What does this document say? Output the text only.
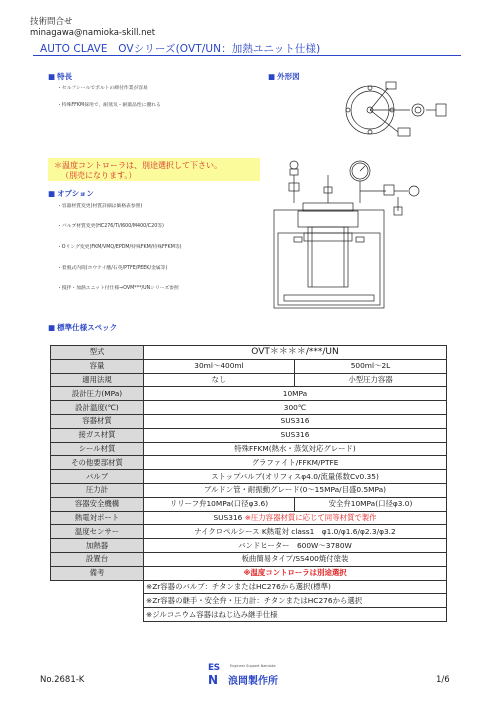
技術問合せ
minagawa@namioka-skill.net
AUTO CLAVE　OVシリーズ(OVT/UN：加熱ユニット仕様)
■ 特長
・セルフシールでボルトの締付作業が容易
・特殊FFKM採用で、耐蒸気・耐薬品性に優れる
■ 外形図
＊温度コントローラは、別途選択して下さい。
（別売になります。）
■ オプション
・容器材質変更(材質詳細は価格表参照)
・バルブ材質変更(HC276/Ti/I600/M400/C20等)
・Oリング変更(FKM/VMQ/EPDM/特殊FKM/特殊FFKM等)
・着脱式内筒(ホウケイ酸/石英/PTFE/PEEK/金属等)
・撹拌・加熱ユニット付仕様⇒OVM***/UNシリーズ参照
■ 標準仕様スペック
型式	OVT＊＊＊＊/***/UN	
容量	30ml〜400ml	500ml〜2L
適用法規	なし	小型圧力容器
設計圧力(MPa)	10MPa	
設計温度(℃)	300℃	
容器材質	SUS316	
接ガス材質	SUS316	
シール材質	特殊FFKM(熱水・蒸気対応グレード)	
その他要部材質	グラファイト/FFKM/PTFE	
バルブ	ストップバルブ(オリフィスφ4.0/流量係数Cv0.35)	
圧力計	ブルドン管・耐振動グレード(0〜15MPa/目盛0.5MPa)	
容器安全機構	リリーフ弁10MPa(口径φ3.6)	安全弁10MPa(口径φ3.0)
熱電対ポート	SUS316 ※圧力容器材質に応じて同等材質で製作	
温度センサー	ナイクロペルシース K熱電対 class1　φ1.0/φ1.6/φ2.3/φ3.2	
加熱器	バンドヒーター　600W〜3780W	
設置台	板曲簡易タイプ/SS400焼付塗装	
備考	※温度コントローラは別途選択	
	※Zr容器のバルブ：チタンまたはHC276から選択(標準)	
	※Zr容器の継手・安全弁・圧力計：チタンまたはHC276から選択	
	※ジルコニウム容器はねじ込み継手仕様	
No.2681-K
ES
N
Engineer Support Namioka
浪岡製作所	1/6
